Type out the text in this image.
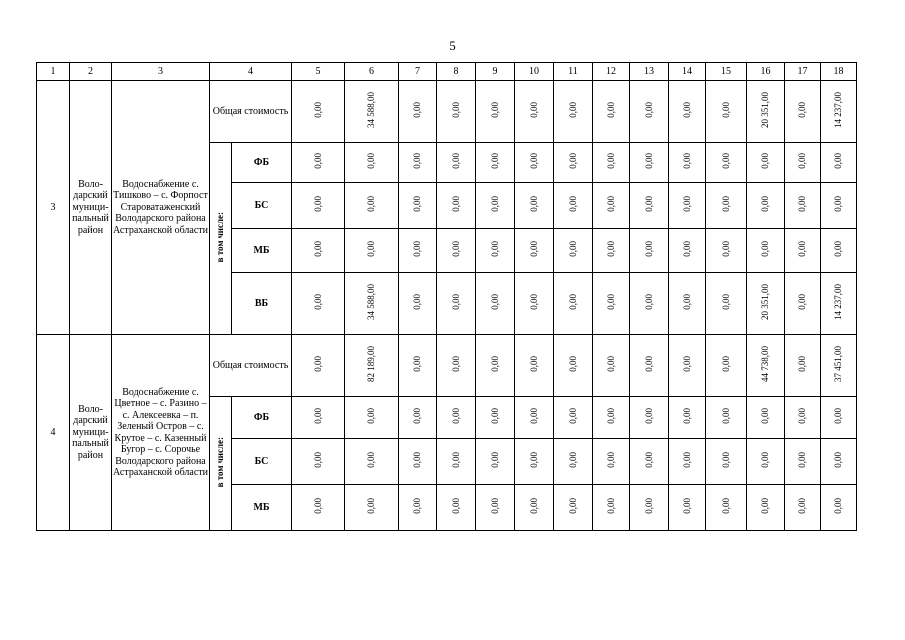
5
1	2	3	4		5	6	7	8	9	10	11	12	13	14	15	16	17	18
3	Воло- дарский муници- пальный район	Водоснабжение с. Тишково – с. Форпост Староватаженский Володарского района Астраханской области	Общая стоимость		0,00	34 588,00	0,00	0,00	0,00	0,00	0,00	0,00	0,00	0,00	0,00	20 351,00	0,00	14 237,00
			в том числе:	ФБ	0,00	0,00	0,00	0,00	0,00	0,00	0,00	0,00	0,00	0,00	0,00	0,00	0,00	0,00
				БС	0,00	0,00	0,00	0,00	0,00	0,00	0,00	0,00	0,00	0,00	0,00	0,00	0,00	0,00
				МБ	0,00	0,00	0,00	0,00	0,00	0,00	0,00	0,00	0,00	0,00	0,00	0,00	0,00	0,00
				ВБ	0,00	34 588,00	0,00	0,00	0,00	0,00	0,00	0,00	0,00	0,00	0,00	20 351,00	0,00	14 237,00
4	Воло- дарский муници- пальный район	Водоснабжение с. Цветное – с. Разино – с. Алексеевка – п. Зеленый Остров – с. Крутое – с. Казенный Бугор – с. Сорочье Володарского района Астраханской области	Общая стоимость		0,00	82 189,00	0,00	0,00	0,00	0,00	0,00	0,00	0,00	0,00	0,00	44 738,00	0,00	37 451,00
			в том числе:	ФБ	0,00	0,00	0,00	0,00	0,00	0,00	0,00	0,00	0,00	0,00	0,00	0,00	0,00	0,00
				БС	0,00	0,00	0,00	0,00	0,00	0,00	0,00	0,00	0,00	0,00	0,00	0,00	0,00	0,00
				МБ	0,00	0,00	0,00	0,00	0,00	0,00	0,00	0,00	0,00	0,00	0,00	0,00	0,00	0,00
